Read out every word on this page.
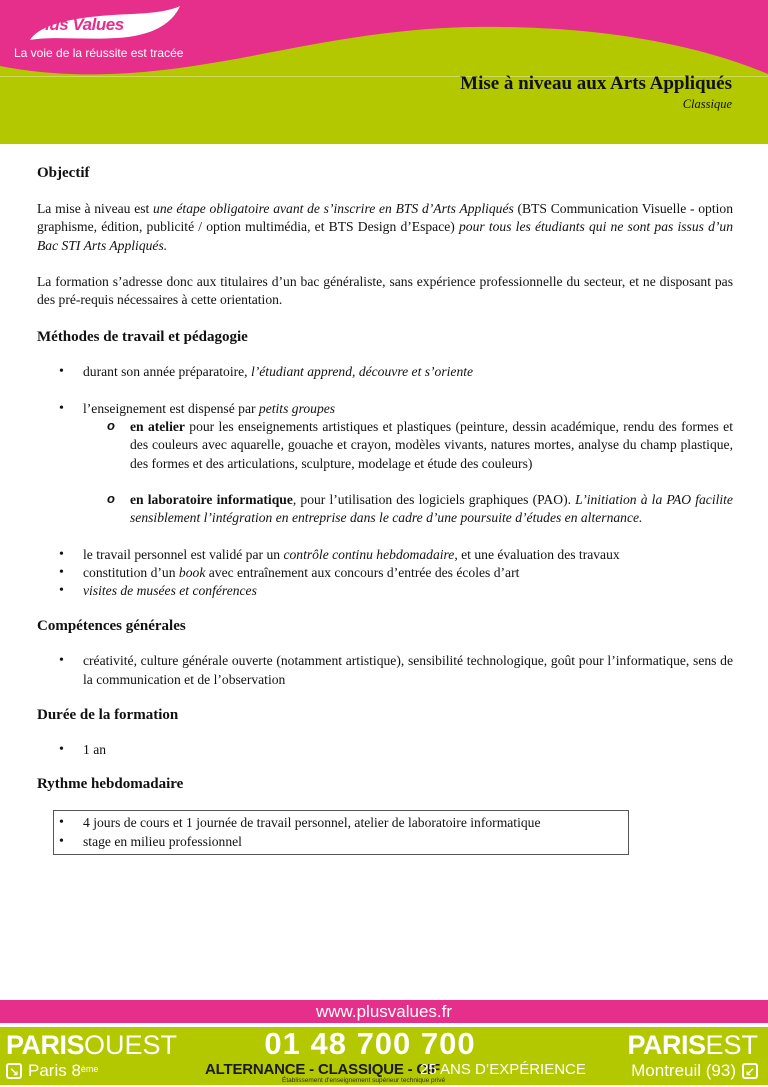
Plus Values
La voie de la réussite est tracée
Mise à niveau aux Arts Appliqués
Classique
Objectif

La mise à niveau est une étape obligatoire avant de s’inscrire en BTS d’Arts Appliqués (BTS Communication Visuelle - option graphisme, édition, publicité / option multimédia, et BTS Design d’Espace) pour tous les étudiants qui ne sont pas issus d’un Bac STI Arts Appliqués.

La formation s’adresse donc aux titulaires d’un bac généraliste, sans expérience professionnelle du secteur, et ne disposant pas des pré-requis nécessaires à cette orientation.

Méthodes de travail et pédagogie
• durant son année préparatoire, l’étudiant apprend, découvre et s’oriente
• l’enseignement est dispensé par petits groupes
o en atelier pour les enseignements artistiques et plastiques (peinture, dessin académique, rendu des formes et des couleurs avec aquarelle, gouache et crayon, modèles vivants, natures mortes, analyse du champ plastique, des formes et des articulations, sculpture, modelage et étude des couleurs)
o en laboratoire informatique, pour l’utilisation des logiciels graphiques (PAO). L’initiation à la PAO facilite sensiblement l’intégration en entreprise dans le cadre d’une poursuite d’études en alternance.
• le travail personnel est validé par un contrôle continu hebdomadaire, et une évaluation des travaux
• constitution d’un book avec entraînement aux concours d’entrée des écoles d’art
• visites de musées et conférences
Compétences générales
• créativité, culture générale ouverte (notamment artistique), sensibilité technologique, goût pour l’informatique, sens de la communication et de l’observation
Durée de la formation
• 1 an
Rythme hebdomadaire
• 4 jours de cours et 1 journée de travail personnel, atelier de laboratoire informatique
• stage en milieu professionnel
www.plusvalues.fr
PARISOUEST
↘ Paris 8ème
01 48 700 700
ALTERNANCE - CLASSIQUE - CIF
25 ANS D’EXPÉRIENCE
Établissement d'enseignement supérieur technique privé
PARISEST
Montreuil (93) ↙
